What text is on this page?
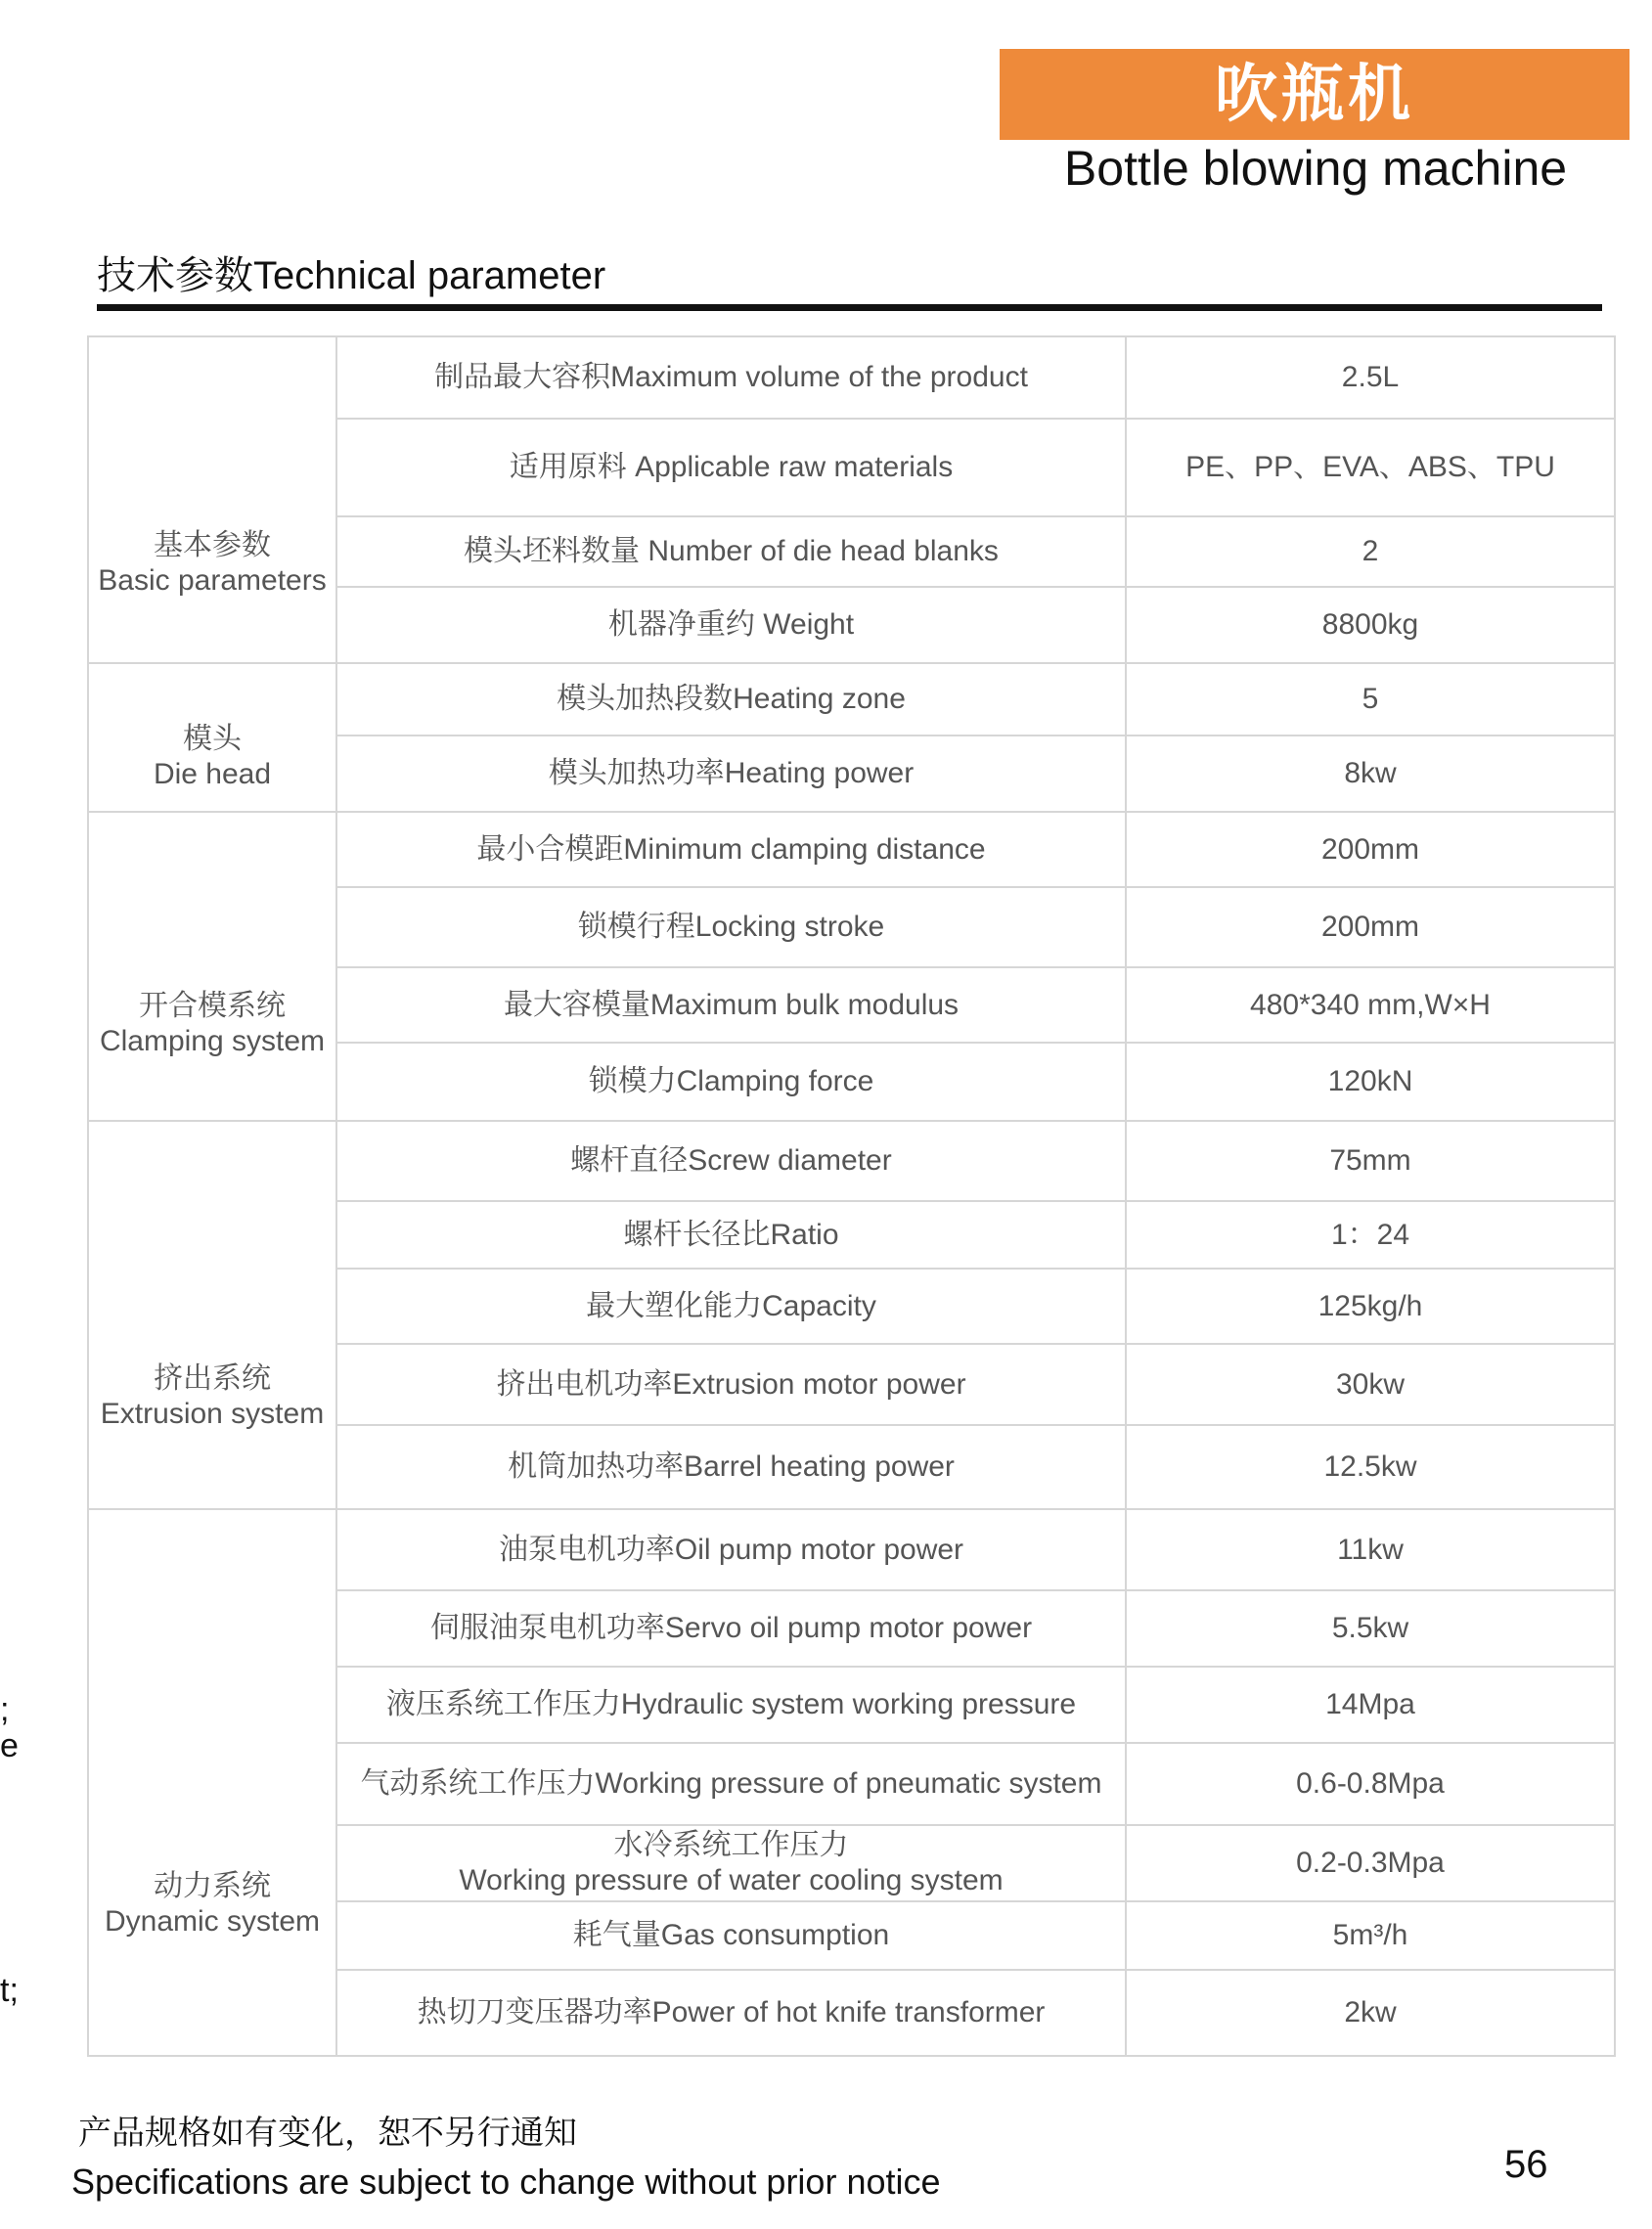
吹瓶机
Bottle blowing machine
技术参数Technical parameter
基本参数
Basic parameters	制品最大容积Maximum volume of the product	2.5L
	适用原料 Applicable raw materials	PE、PP、EVA、ABS、TPU
	模头坯料数量 Number of die head blanks	2
	机器净重约 Weight	8800kg

模头
Die head	模头加热段数Heating zone	5
	模头加热功率Heating power	8kw

开合模系统
Clamping system	最小合模距Minimum clamping distance	200mm
	锁模行程Locking stroke	200mm
	最大容模量Maximum bulk modulus	480*340 mm,W×H
	锁模力Clamping force	120kN

挤出系统
Extrusion system	螺杆直径Screw diameter	75mm
	螺杆长径比Ratio	1：24
	最大塑化能力Capacity	125kg/h
	挤出电机功率Extrusion motor power	30kw
	机筒加热功率Barrel heating power	12.5kw

动力系统
Dynamic system	油泵电机功率Oil pump motor power	11kw
	伺服油泵电机功率Servo oil pump motor power	5.5kw
	液压系统工作压力Hydraulic system working pressure	14Mpa
	气动系统工作压力Working pressure of pneumatic system	0.6-0.8Mpa

	水冷系统工作压力
Working pressure of water cooling system	0.2-0.3Mpa
	耗气量Gas consumption	5m³/h
	热切刀变压器功率Power of hot knife transformer	2kw
;
e
t;
产品规格如有变化，恕不另行通知
Specifications are subject to change without prior notice	56
